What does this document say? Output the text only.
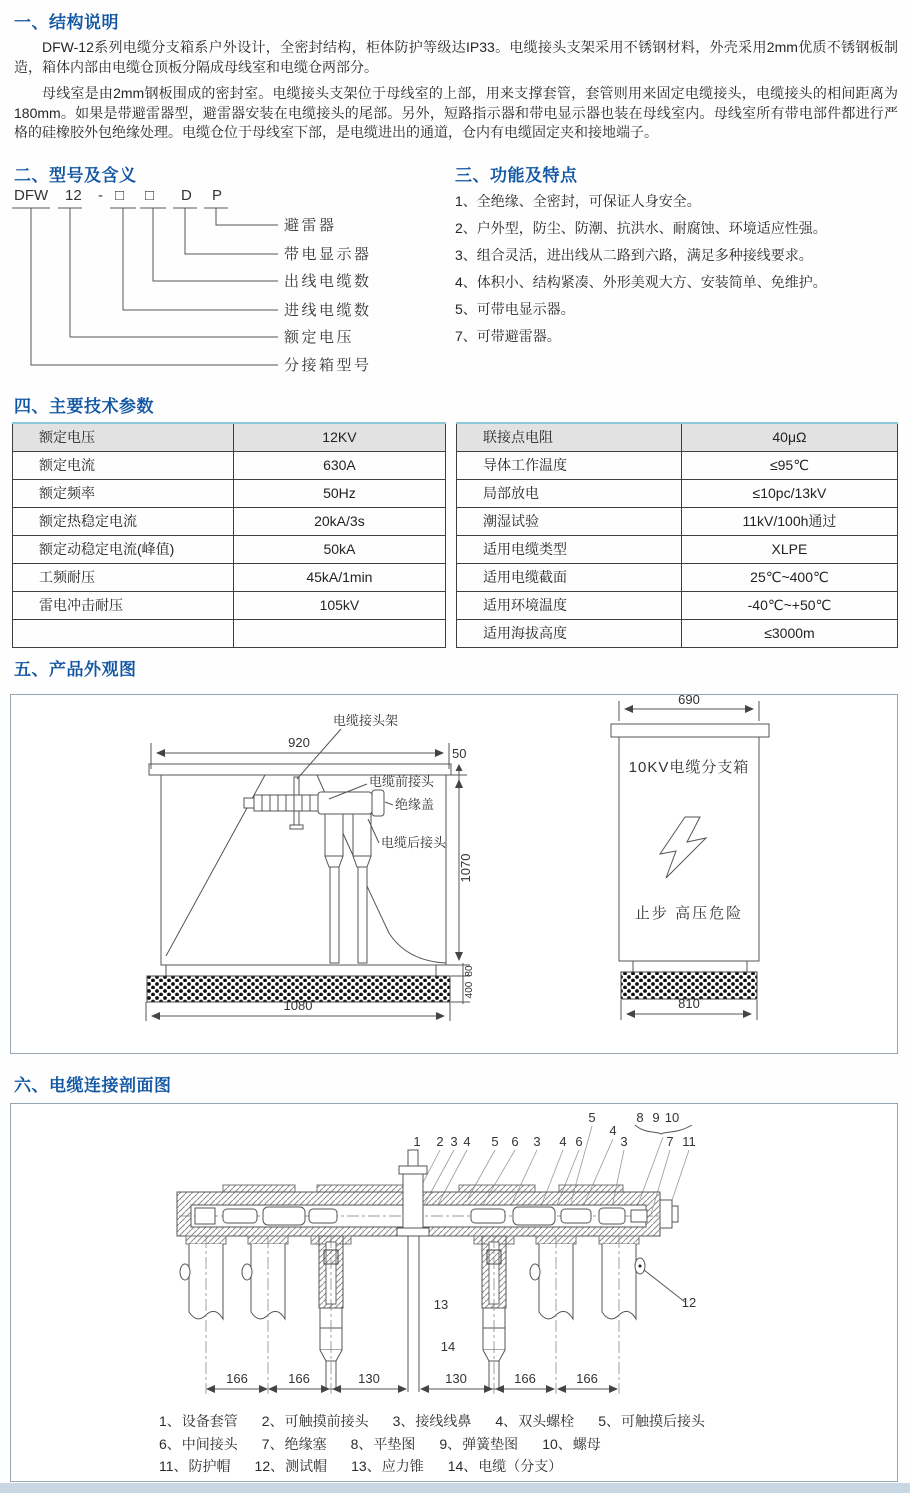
一、结构说明

DFW-12系列电缆分支箱系户外设计，全密封结构，柜体防护等级达IP33。电缆接头支架采用不锈钢材料，外壳采用2mm优质不锈钢板制造，箱体内部由电缆仓顶板分隔成母线室和电缆仓两部分。

母线室是由2mm钢板围成的密封室。电缆接头支架位于母线室的上部，用来支撑套管，套管则用来固定电缆接头，电缆接头的相间距离为180mm。如果是带避雷器型，避雷器安装在电缆接头的尾部。另外，短路指示器和带电显示器也装在母线室内。母线室所有带电部件都进行严格的硅橡胶外包绝缘处理。电缆仓位于母线室下部，是电缆进出的通道，仓内有电缆固定夹和接地端子。

二、型号及含义
DFW 12 - □ □ D P
避雷器
带电显示器
出线电缆数
进线电缆数
额定电压
分接箱型号
三、功能及特点
1、全绝缘、全密封，可保证人身安全。
2、户外型，防尘、防潮、抗洪水、耐腐蚀、环境适应性强。
3、组合灵活，进出线从二路到六路，满足多种接线要求。
4、体积小、结构紧凑、外形美观大方、安装简单、免维护。
5、可带电显示器。
7、可带避雷器。
四、主要技术参数
额定电压	12KV
额定电流	630A
额定频率	50Hz
额定热稳定电流	20kA/3s
额定动稳定电流(峰值)	50kA
工频耐压	45kA/1min
雷电冲击耐压	105kV

联接点电阻	40μΩ
导体工作温度	≤95℃
局部放电	≤10pc/13kV
潮湿试验	11kV/100h通过
适用电缆类型	XLPE
适用电缆截面	25℃~400℃
适用环境温度	-40℃~+50℃
适用海拔高度	≤3000m
五、产品外观图
电缆接头架
电缆前接头
绝缘盖
电缆后接头
920
50
1070
1080
80
400
690
10KV电缆分支箱
止步 高压危险
810
六、电缆连接剖面图
5	8 9 10
4
1 2 3 4 5 6 3 4 6	3	7 11
12
13
14
166	166	130	130	166	166
1、设备套管 2、可触摸前接头 3、接线线鼻 4、双头螺栓 5、可触摸后接头
6、中间接头 7、绝缘塞 8、平垫图 9、弹簧垫图 10、螺母
11、防护帽 12、测试帽 13、应力锥 14、电缆（分支）
